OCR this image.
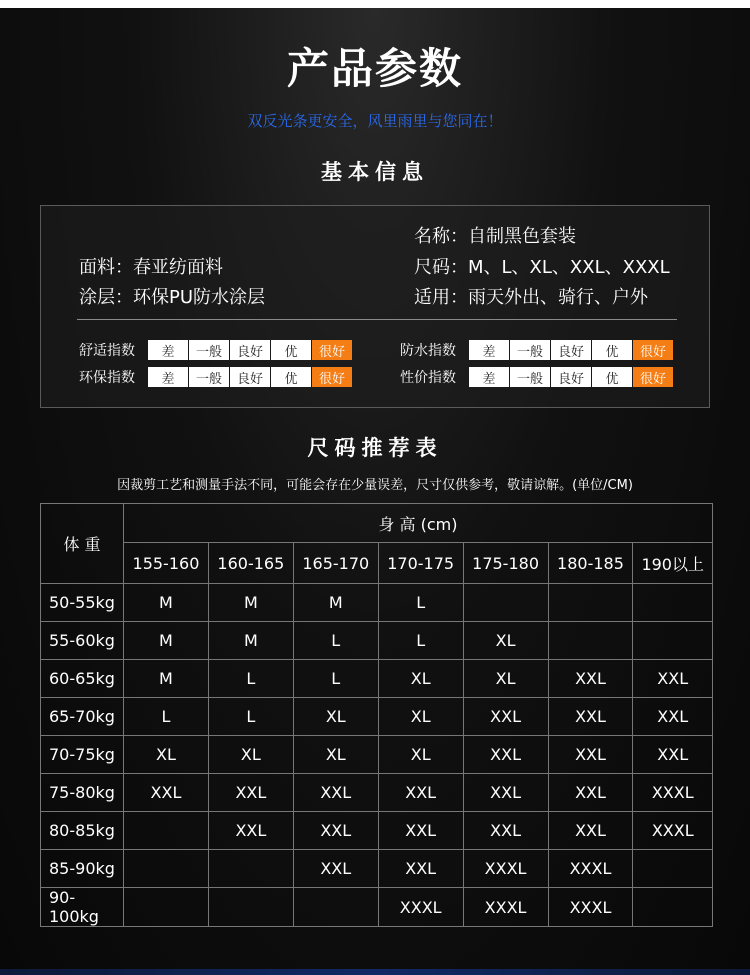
产品参数
双反光条更安全，风里雨里与您同在！
基本信息
名称：自制黑色套装
面料：春亚纺面料	尺码：M、L、XL、XXL、XXXL
涂层：环保PU防水涂层	适用：雨天外出、骑行、户外
舒适指数	差	一般	良好	优	很好	防水指数	差	一般	良好	优	很好
环保指数	差	一般	良好	优	很好	性价指数	差	一般	良好	优	很好
尺码推荐表
因裁剪工艺和测量手法不同，可能会存在少量误差，尺寸仅供参考，敬请谅解。(单位/CM)
体 重	身 高 (cm)						
	155-160	160-165	165-170	170-175	175-180	180-185	190以上
50-55kg	M	M	M	L			
55-60kg	M	M	L	L	XL		
60-65kg	M	L	L	XL	XL	XXL	XXL
65-70kg	L	L	XL	XL	XXL	XXL	XXL
70-75kg	XL	XL	XL	XL	XXL	XXL	XXL
75-80kg	XXL	XXL	XXL	XXL	XXL	XXL	XXXL
80-85kg		XXL	XXL	XXL	XXL	XXL	XXXL
85-90kg			XXL	XXL	XXXL	XXXL	
90-100kg				XXXL	XXXL	XXXL	
